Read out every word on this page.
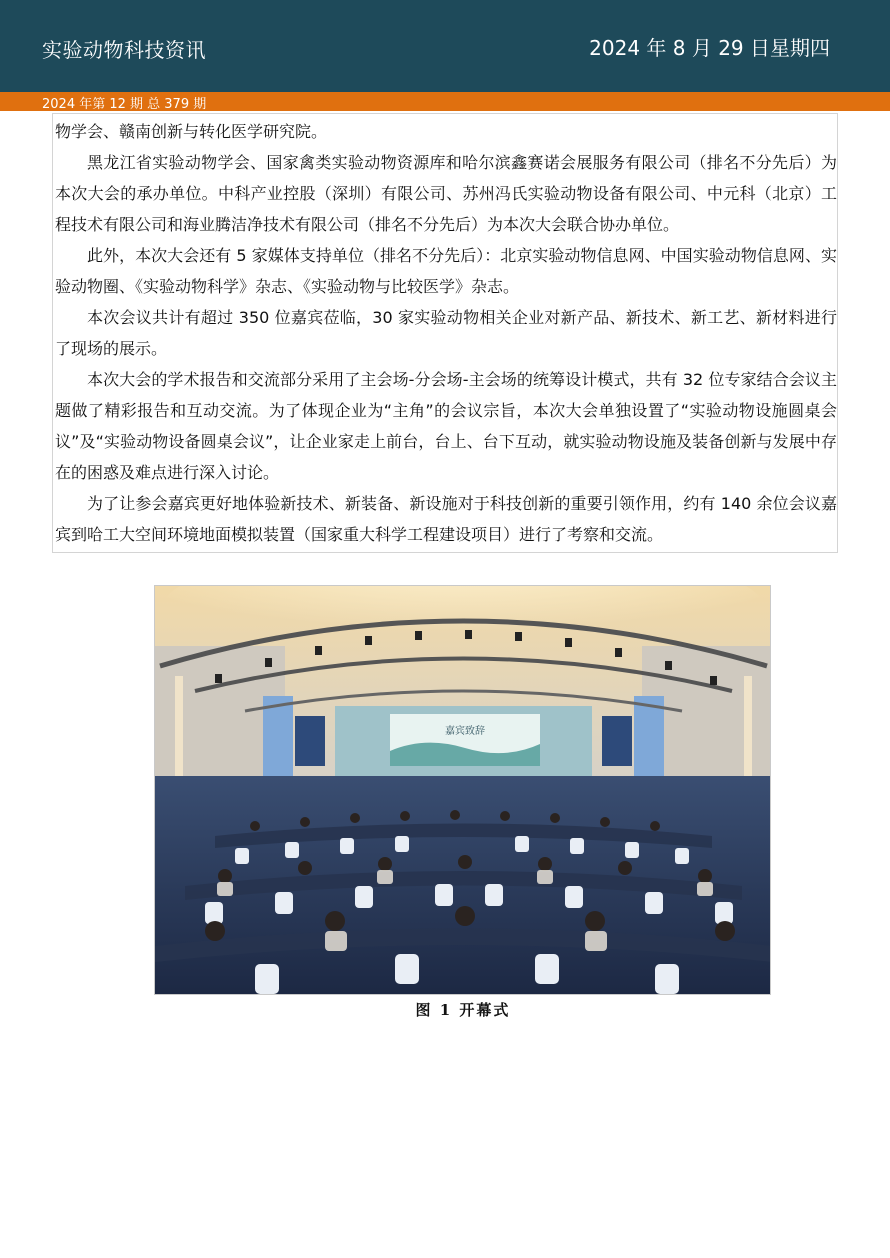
实验动物科技资讯	2024 年 8 月 29 日星期四
2024 年第 12 期 总 379 期

物学会、赣南创新与转化医学研究院。

黑龙江省实验动物学会、国家禽类实验动物资源库和哈尔滨鑫赛诺会展服务有限公司（排名不分先后）为本次大会的承办单位。中科产业控股（深圳）有限公司、苏州冯氏实验动物设备有限公司、中元科（北京）工程技术有限公司和海业腾洁净技术有限公司（排名不分先后）为本次大会联合协办单位。

此外，本次大会还有 5 家媒体支持单位（排名不分先后）：北京实验动物信息网、中国实验动物信息网、实验动物圈、《实验动物科学》杂志、《实验动物与比较医学》杂志。

本次会议共计有超过 350 位嘉宾莅临，30 家实验动物相关企业对新产品、新技术、新工艺、新材料进行了现场的展示。

本次大会的学术报告和交流部分采用了主会场-分会场-主会场的统筹设计模式，共有 32 位专家结合会议主题做了精彩报告和互动交流。为了体现企业为“主角”的会议宗旨，本次大会单独设置了“实验动物设施圆桌会议”及“实验动物设备圆桌会议”，让企业家走上前台，台上、台下互动，就实验动物设施及装备创新与发展中存在的困惑及难点进行深入讨论。

为了让参会嘉宾更好地体验新技术、新装备、新设施对于科技创新的重要引领作用，约有 140 余位会议嘉宾到哈工大空间环境地面模拟装置（国家重大科学工程建设项目）进行了考察和交流。

嘉宾致辞
图 1 开幕式
